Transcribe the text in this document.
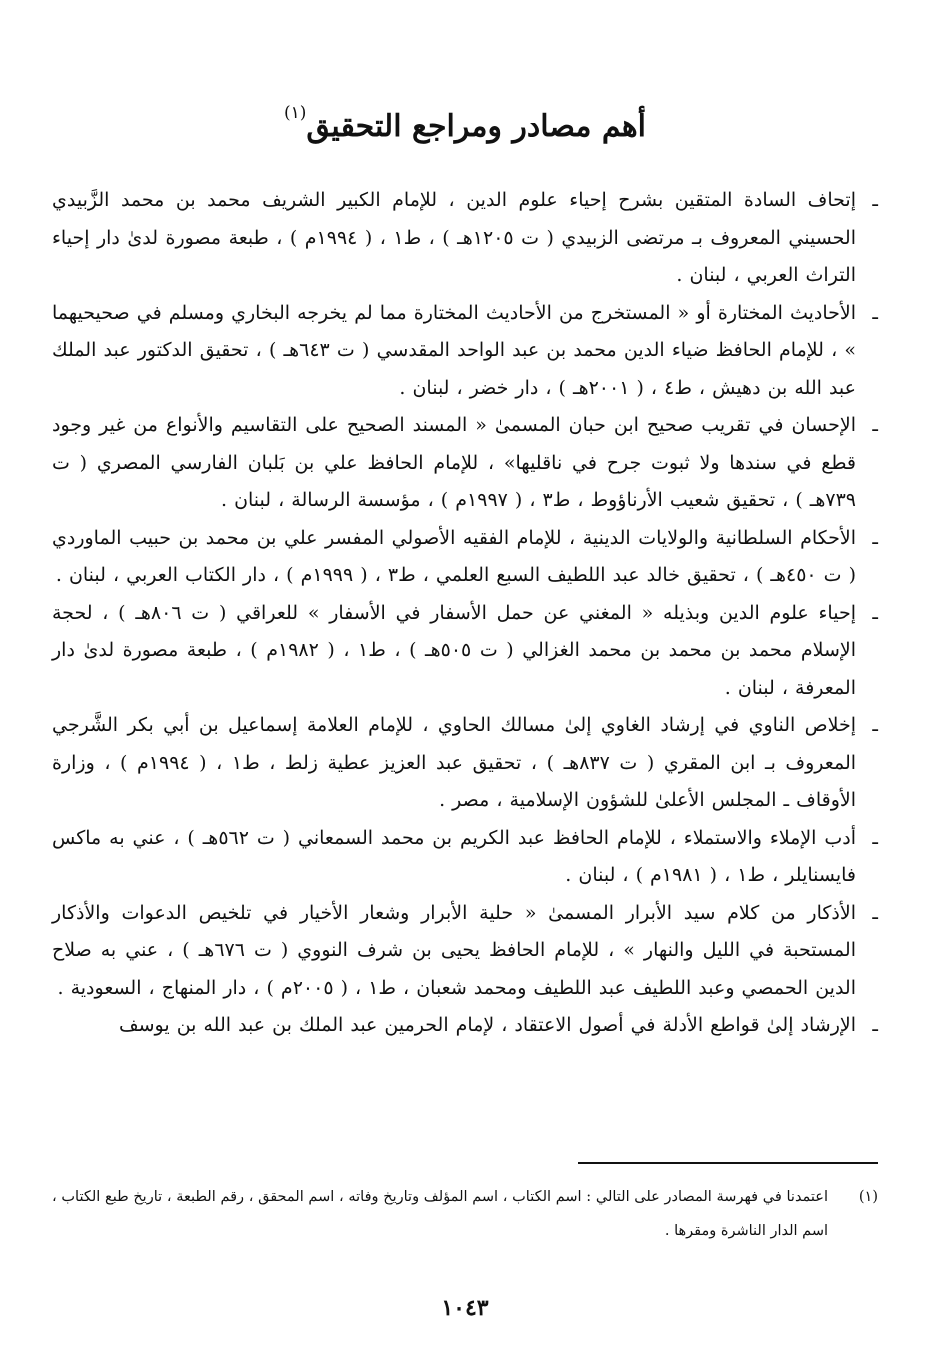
أهم مصادر ومراجع التحقيق$^{(١)}$

ـ إتحاف السادة المتقين بشرح إحياء علوم الدين ، للإمام الكبير الشريف محمد بن محمد الزَّبيدي الحسيني المعروف بـ مرتضى الزبيدي ( ت ١٢٠٥هـ ) ، ط١ ، ( ١٩٩٤م ) ، طبعة مصورة لدىٰ دار إحياء التراث العربي ، لبنان .

ـ الأحاديث المختارة أو « المستخرج من الأحاديث المختارة مما لم يخرجه البخاري ومسلم في صحيحيهما » ، للإمام الحافظ ضياء الدين محمد بن عبد الواحد المقدسي ( ت ٦٤٣هـ ) ، تحقيق الدكتور عبد الملك عبد الله بن دهيش ، ط٤ ، ( ٢٠٠١هـ ) ، دار خضر ، لبنان .

ـ الإحسان في تقريب صحيح ابن حبان المسمىٰ « المسند الصحيح على التقاسيم والأنواع من غير وجود قطع في سندها ولا ثبوت جرح في ناقليها» ، للإمام الحافظ علي بن بَلبان الفارسي المصري ( ت ٧٣٩هـ ) ، تحقيق شعيب الأرناؤوط ، ط٣ ، ( ١٩٩٧م ) ، مؤسسة الرسالة ، لبنان .

ـ الأحكام السلطانية والولايات الدينية ، للإمام الفقيه الأصولي المفسر علي بن محمد بن حبيب الماوردي ( ت ٤٥٠هـ ) ، تحقيق خالد عبد اللطيف السبع العلمي ، ط٣ ، ( ١٩٩٩م ) ، دار الكتاب العربي ، لبنان .

ـ إحياء علوم الدين وبذيله « المغني عن حمل الأسفار في الأسفار » للعراقي ( ت ٨٠٦هـ ) ، لحجة الإسلام محمد بن محمد بن محمد الغزالي ( ت ٥٠٥هـ ) ، ط١ ، ( ١٩٨٢م ) ، طبعة مصورة لدىٰ دار المعرفة ، لبنان .

ـ إخلاص الناوي في إرشاد الغاوي إلىٰ مسالك الحاوي ، للإمام العلامة إسماعيل بن أبي بكر الشَّرجي المعروف بـ ابن المقري ( ت ٨٣٧هـ ) ، تحقيق عبد العزيز عطية زلط ، ط١ ، ( ١٩٩٤م ) ، وزارة الأوقاف ـ المجلس الأعلىٰ للشؤون الإسلامية ، مصر .

ـ أدب الإملاء والاستملاء ، للإمام الحافظ عبد الكريم بن محمد السمعاني ( ت ٥٦٢هـ ) ، عني به ماكس فايسنايلر ، ط١ ، ( ١٩٨١م ) ، لبنان .

ـ الأذكار من كلام سيد الأبرار المسمىٰ « حلية الأبرار وشعار الأخيار في تلخيص الدعوات والأذكار المستحبة في الليل والنهار » ، للإمام الحافظ يحيى بن شرف النووي ( ت ٦٧٦هـ ) ، عني به صلاح الدين الحمصي وعبد اللطيف عبد اللطيف ومحمد شعبان ، ط١ ، ( ٢٠٠٥م ) ، دار المنهاج ، السعودية .

ـ الإرشاد إلىٰ قواطع الأدلة في أصول الاعتقاد ، لإمام الحرمين عبد الملك بن عبد الله بن يوسف

(١)اعتمدنا في فهرسة المصادر على التالي : اسم الكتاب ، اسم المؤلف وتاريخ وفاته ، اسم المحقق ، رقم الطبعة ، تاريخ طبع الكتاب ، اسم الدار الناشرة ومقرها .
١٠٤٣
